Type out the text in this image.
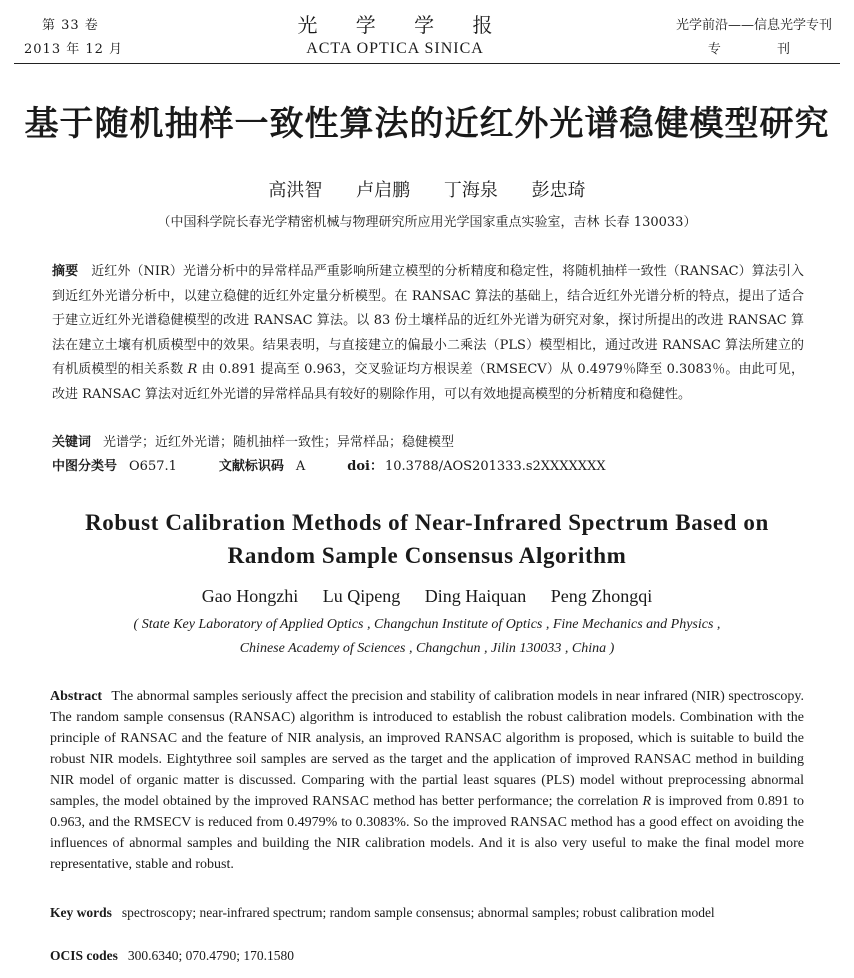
第 33 卷
2013 年 12 月
光 学 学 报
ACTA OPTICA SINICA
光学前沿——信息光学专刊
专 刊
基于随机抽样一致性算法的近红外光谱稳健模型研究
高洪智 卢启鹏 丁海泉 彭忠琦
（中国科学院长春光学精密机械与物理研究所应用光学国家重点实验室，吉林 长春 130033）
摘要　 近红外（NIR）光谱分析中的异常样品严重影响所建立模型的分析精度和稳定性，将随机抽样一致性（RANSAC）算法引入到近红外光谱分析中，以建立稳健的近红外定量分析模型。在 RANSAC 算法的基础上，结合近红外光谱分析的特点，提出了适合于建立近红外光谱稳健模型的改进 RANSAC 算法。以 83 份土壤样品的近红外光谱为研究对象，探讨所提出的改进 RANSAC 算法在建立土壤有机质模型中的效果。结果表明，与直接建立的偏最小二乘法（PLS）模型相比，通过改进 RANSAC 算法所建立的有机质模型的相关系数 R 由 0.891 提高至 0.963，交叉验证均方根误差（RMSECV）从 0.4979％降至 0.3083％。由此可见，改进 RANSAC 算法对近红外光谱的异常样品具有较好的剔除作用，可以有效地提高模型的分析精度和稳健性。
关键词 光谱学；近红外光谱；随机抽样一致性；异常样品；稳健模型
中图分类号 O657.1	文献标识码 A	doi： 10.3788/AOS201333.s2XXXXXXX
Robust Calibration Methods of Near-Infrared Spectrum Based on
Random Sample Consensus Algorithm
Gao Hongzhi Lu Qipeng Ding Haiquan Peng Zhongqi
( State Key Laboratory of Applied Optics , Changchun Institute of Optics , Fine Mechanics and Physics ,
Chinese Academy of Sciences , Changchun , Jilin 130033 , China )
Abstract The abnormal samples seriously affect the precision and stability of calibration models in near infrared (NIR) spectroscopy. The random sample consensus (RANSAC) algorithm is introduced to establish the robust calibration models. Combination with the principle of RANSAC and the feature of NIR analysis, an improved RANSAC algorithm is proposed, which is suitable to build the robust NIR models. Eightythree soil samples are served as the target and the application of improved RANSAC method in building NIR model of organic matter is discussed. Comparing with the partial least squares (PLS) model without preprocessing abnormal samples, the model obtained by the improved RANSAC method has better performance; the correlation R is improved from 0.891 to 0.963, and the RMSECV is reduced from 0.4979% to 0.3083%. So the improved RANSAC method has a good effect on avoiding the influences of abnormal samples and building the NIR calibration models. And it is also very useful to make the final model more representative, stable and robust.
Key words spectroscopy; near-infrared spectrum; random sample consensus; abnormal samples; robust calibration model
OCIS codes 300.6340; 070.4790; 170.1580
